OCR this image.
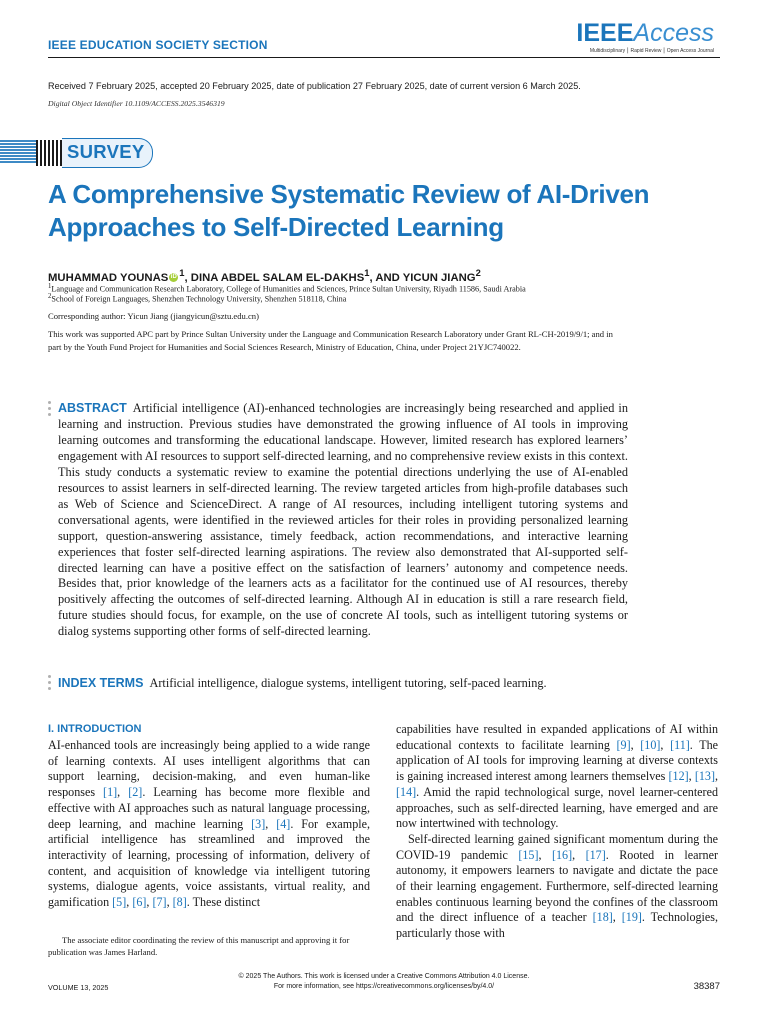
IEEE EDUCATION SOCIETY SECTION	IEEEAccess
Multidisciplinary ⎮ Rapid Review ⎮ Open Access Journal
Received 7 February 2025, accepted 20 February 2025, date of publication 27 February 2025, date of current version 6 March 2025.
Digital Object Identifier 10.1109/ACCESS.2025.3546319
SURVEY
A Comprehensive Systematic Review of AI-Driven Approaches to Self-Directed Learning
MUHAMMAD YOUNAS iD $^1$, DINA ABDEL SALAM EL-DAKHS$^1$, AND YICUN JIANG$^2$
$^1$Language and Communication Research Laboratory, College of Humanities and Sciences, Prince Sultan University, Riyadh 11586, Saudi Arabia
$^2$School of Foreign Languages, Shenzhen Technology University, Shenzhen 518118, China
Corresponding author: Yicun Jiang (jiangyicun@sztu.edu.cn)
This work was supported APC part by Prince Sultan University under the Language and Communication Research Laboratory under Grant RL-CH-2019/9/1; and in part by the Youth Fund Project for Humanities and Social Sciences Research, Ministry of Education, China, under Project 21YJC740022.
ABSTRACT Artificial intelligence (AI)-enhanced technologies are increasingly being researched and applied in learning and instruction. Previous studies have demonstrated the growing influence of AI tools in improving learning outcomes and transforming the educational landscape. However, limited research has explored learners’ engagement with AI resources to support self-directed learning, and no comprehensive review exists in this context. This study conducts a systematic review to examine the potential directions underlying the use of AI-enabled resources to assist learners in self-directed learning. The review targeted articles from high-profile databases such as Web of Science and ScienceDirect. A range of AI resources, including intelligent tutoring systems and conversational agents, were identified in the reviewed articles for their roles in providing personalized learning support, question-answering assistance, timely feedback, action recommendations, and interactive learning experiences that foster self-directed learning aspirations. The review also demonstrated that AI-supported self-directed learning can have a positive effect on the satisfaction of learners’ autonomy and competence needs. Besides that, prior knowledge of the learners acts as a facilitator for the continued use of AI resources, thereby positively affecting the outcomes of self-directed learning. Although AI in education is still a rare research field, future studies should focus, for example, on the use of concrete AI tools, such as intelligent tutoring systems or dialog systems supporting other forms of self-directed learning.
INDEX TERMS Artificial intelligence, dialogue systems, intelligent tutoring, self-paced learning.
I. INTRODUCTION

AI-enhanced tools are increasingly being applied to a wide range of learning contexts. AI uses intelligent algorithms that can support learning, decision-making, and even human-like responses [1], [2]. Learning has become more flexible and effective with AI approaches such as natural language processing, deep learning, and machine learning [3], [4]. For example, artificial intelligence has streamlined and improved the interactivity of learning, processing of information, delivery of content, and acquisition of knowledge via intelligent tutoring systems, dialogue agents, voice assistants, virtual reality, and gamification [5], [6], [7], [8]. These distinct

The associate editor coordinating the review of this manuscript and approving it for publication was James Harland.

capabilities have resulted in expanded applications of AI within educational contexts to facilitate learning [9], [10], [11]. The application of AI tools for improving learning at diverse contexts is gaining increased interest among learners themselves [12], [13], [14]. Amid the rapid technological surge, novel learner-centered approaches, such as self-directed learning, have emerged and are now intertwined with technology.

Self-directed learning gained significant momentum during the COVID-19 pandemic [15], [16], [17]. Rooted in learner autonomy, it empowers learners to navigate and dictate the pace of their learning engagement. Furthermore, self-directed learning enables continuous learning beyond the confines of the classroom and the direct influence of a teacher [18], [19]. Technologies, particularly those with

© 2025 The Authors. This work is licensed under a Creative Commons Attribution 4.0 License.
For more information, see https://creativecommons.org/licenses/by/4.0/
VOLUME 13, 2025	38387
